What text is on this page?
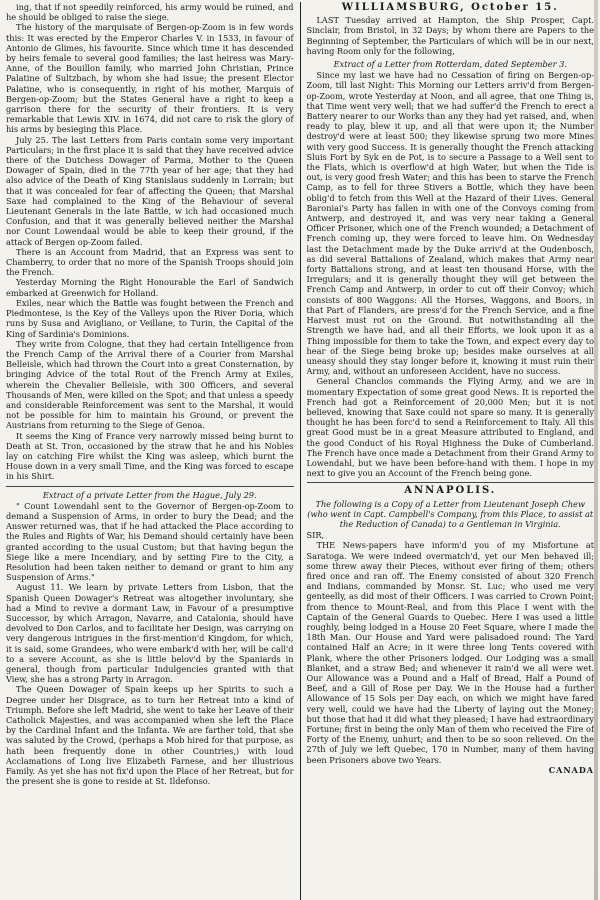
ing, that if not speedily reinforced, his army would be ruined, and he should be obliged to raise the siege.

The history of the marquisate of Bergen-op-Zoom is in few words this: It was erected by the Emperor Charles V. in 1533, in favour of Antonio de Glimes, his favourite. Since which time it has descended by heirs female to several good families; the last heiress was Mary-Anne, of the Bouillon family, who married John Christian, Prince Palatine of Sultzbach, by whom she had issue; the present Elector Palatine, who is consequently, in right of his mother, Marquis of Bergen-op-Zoom; but the States General have a right to keep a garrison there for the security of their frontiers. It is very remarkable that Lewis XIV. in 1674, did not care to risk the glory of his arms by besieging this Place.

July 25. The last Letters from Paris contain some very important Particulars; in the first place it is said that they have received advice there of the Dutchess Dowager of Parma, Mother to the Queen Dowager of Spain, died in the 77th year of her age; that they had also advice of the Death of King Stanislaus suddenly in Lorrain; but that it was concealed for fear of affecting the Queen; that Marshal Saxe had complained to the King of the Behaviour of several Lieutenant Generals in the late Battle, w ich had occasioned much Confusion, and that it was generally believed neither the Marshal nor Count Lowendaal would be able to keep their ground, if the attack of Bergen op-Zoom failed.

There is an Account from Madrid, that an Express was sent to Chamberry, to order that no more of the Spanish Troops should join the French.

Yesterday Morning the Right Honourable the Earl of Sandwich embarked at Greenwich for Holland.

Exiles, near which the Battle was fought between the French and Piedmontese, is the Key of the Valleys upon the River Doria, which runs by Susa and Avigliano, or Veillane, to Turin, the Capital of the King of Sardinia's Dominions.

They write from Cologne, that they had certain Intelligence from the French Camp of the Arrival there of a Courier from Marshal Belleisle, which had thrown the Court into a great Consternation, by bringing Advice of the total Rout of the French Army at Exiles, wherein the Chevalier Belleisle, with 300 Officers, and several Thousands of Men, were killed on the Spot; and that unless a speedy and considerable Reinforcement was sent to the Marshal, it would not be possible for him to maintain his Ground, or prevent the Austrians from returning to the Siege of Genoa.

It seems the King of France very narrowly missed being burnt to Death at St. Tron, occasioned by the straw that he and his Nobles lay on catching Fire whilst the King was asleep, which burnt the House down in a very small Time, and the King was forced to escape in his Shirt.

Extract of a private Letter from the Hague, July 29.

" Count Lowendahl sent to the Governor of Bergen-op-Zoom to demand a Suspension of Arms, in order to bury the Dead; and the Answer returned was, that if he had attacked the Place according to the Rules and Rights of War, his Demand should certainly have been granted according to the usual Custom; but that having begun the Siege like a mere Incendiary, and by setting Fire to the City, a Resolution had been taken neither to demand or grant to him any Suspension of Arms."

August 11. We learn by private Letters from Lisbon, that the Spanish Queen Dowager's Retreat was altogether involuntary, she had a Mind to revive a dormant Law, in Favour of a presumptive Successor, by which Arragon, Navarre, and Catalonia, should have devolved to Don Carlos, and to facilitate her Design, was carrying on very dangerous intrigues in the first-mention'd Kingdom, for which, it is said, some Grandees, who were embark'd with her, will be call'd to a severe Account, as she is little belov'd by the Spaniards in general, though from particular Indulgencies granted with that View, she has a strong Party in Arragon.

The Queen Dowager of Spain keeps up her Spirits to such a Degree under her Disgrace, as to turn her Retreat into a kind of Triumph. Before she left Madrid, she went to take her Leave of their Catholick Majesties, and was accompanied when she left the Place by the Cardinal Infant and the Infanta. We are farther told, that she was saluted by the Crowd, (perhaps a Mob hired for that purpose, as hath been frequently done in other Countries,) with loud Acclamations of Long live Elizabeth Farnese, and her illustrious Family. As yet she has not fix'd upon the Place of her Retreat, but for the present she is gone to reside at St. Ildefonso.

WILLIAMSBURG, October 15.

LAST Tuesday arrived at Hampton, the Ship Prosper, Capt. Sinclair, from Bristol, in 32 Days; by whom there are Papers to the Beginning of September, the Particulars of which will be in our next, having Room only for the following,

Extract of a Letter from Rotterdam, dated September 3.

Since my last we have had no Cessation of firing on Bergen-op-Zoom, till last Night: This Morning our Letters arriv'd from Bergen-op-Zoom, wrote Yesterday at Noon, and all agree, that one Thing is, that Time went very well; that we had suffer'd the French to erect a Battery nearer to our Works than any they had yet raised, and, when ready to play, blew it up, and all that were upon it; the Number destroy'd were at least 500; they likewise sprung two more Mines with very good Success. It is generally thought the French attacking Sluis Fort by Syk en de Pot, is to secure a Passage to a Well sent to the Flats, which is overflow'd at high Water, but when the Tide is out, is very good fresh Water; and this has been to starve the French Camp, as to fell for three Stivers a Bottle, which they have been oblig'd to fetch from this Well at the Hazard of their Lives. General Baroniai's Party has fallen in with one of the Convoys coming from Antwerp, and destroyed it, and was very near taking a General Officer Prisoner, which one of the French wounded; a Detachment of French coming up, they were forced to leave him. On Wednesday last the Detachment made by the Duke arriv'd at the Oudenbosch, as did several Battalions of Zealand, which makes that Army near forty Battalions strong, and at least ten thousand Horse, with the Irregulars; and it is generally thought they will get between the French Camp and Antwerp, in order to cut off their Convoy; which consists of 800 Waggons: All the Horses, Waggons, and Boors, in that Part of Flanders, are press'd for the French Service, and a fine Harvest must rot on the Ground. But notwithstanding all the Strength we have had, and all their Efforts, we look upon it as a Thing impossible for them to take the Town, and expect every day to hear of the Siege being broke up; besides make ourselves at all uneasy should they stay longer before it, knowing it must ruin their Army, and, without an unforeseen Accident, have no success.

General Chanclos commands the Flying Army, and we are in momentary Expectation of some great good News. It is reported the French had got a Reinforcement of 20,000 Men; but it is not believed, knowing that Saxe could not spare so many. It is generally thought he has been forc'd to send a Reinforcement to Italy. All this great Good must be in a great Measure attributed to England, and the good Conduct of his Royal Highness the Duke of Cumberland. The French have once made a Detachment from their Grand Army to Lowendahl, but we have been before-hand with them. I hope in my next to give you an Account of the French being gone.

ANNAPOLIS.

The following is a Copy of a Letter from Lieutenant Joseph Chew (who went in Capt. Campbell's Company, from this Place, to assist at the Reduction of Canada) to a Gentleman in Virginia.

SIR,

THE News-papers have inform'd you of my Misfortune at Saratoga. We were indeed overmatch'd, yet our Men behaved ill; some threw away their Pieces, without ever firing of them; others fired once and ran off. The Enemy consisted of about 320 French and Indians, commanded by Monsr. St. Luc; who used me very genteelly, as did most of their Officers. I was carried to Crown Point; from thence to Mount-Real, and from this Place I went with the Captain of the General Guards to Quebec. Here I was used a little roughly, being lodged in a House 20 Feet Square, where I made the 18th Man. Our House and Yard were palisadoed round: The Yard contained Half an Acre; in it were three long Tents covered with Plank, where the other Prisoners lodged. Our Lodging was a small Blanket, and a straw Bed; and whenever it rain'd we all were wet. Our Allowance was a Pound and a Half of Bread, Half a Pound of Beef, and a Gill of Rose per Day. We in the House had a further Allowance of 15 Sols per Day each, on which we might have fared very well, could we have had the Liberty of laying out the Money; but those that had it did what they pleased; I have had extraordinary Fortune; first in being the only Man of them who received the Fire of Forty of the Enemy, unhurt; and then to be so soon relieved. On the 27th of July we left Quebec, 170 in Number, many of them having been Prisoners above two Years.

CANADA
